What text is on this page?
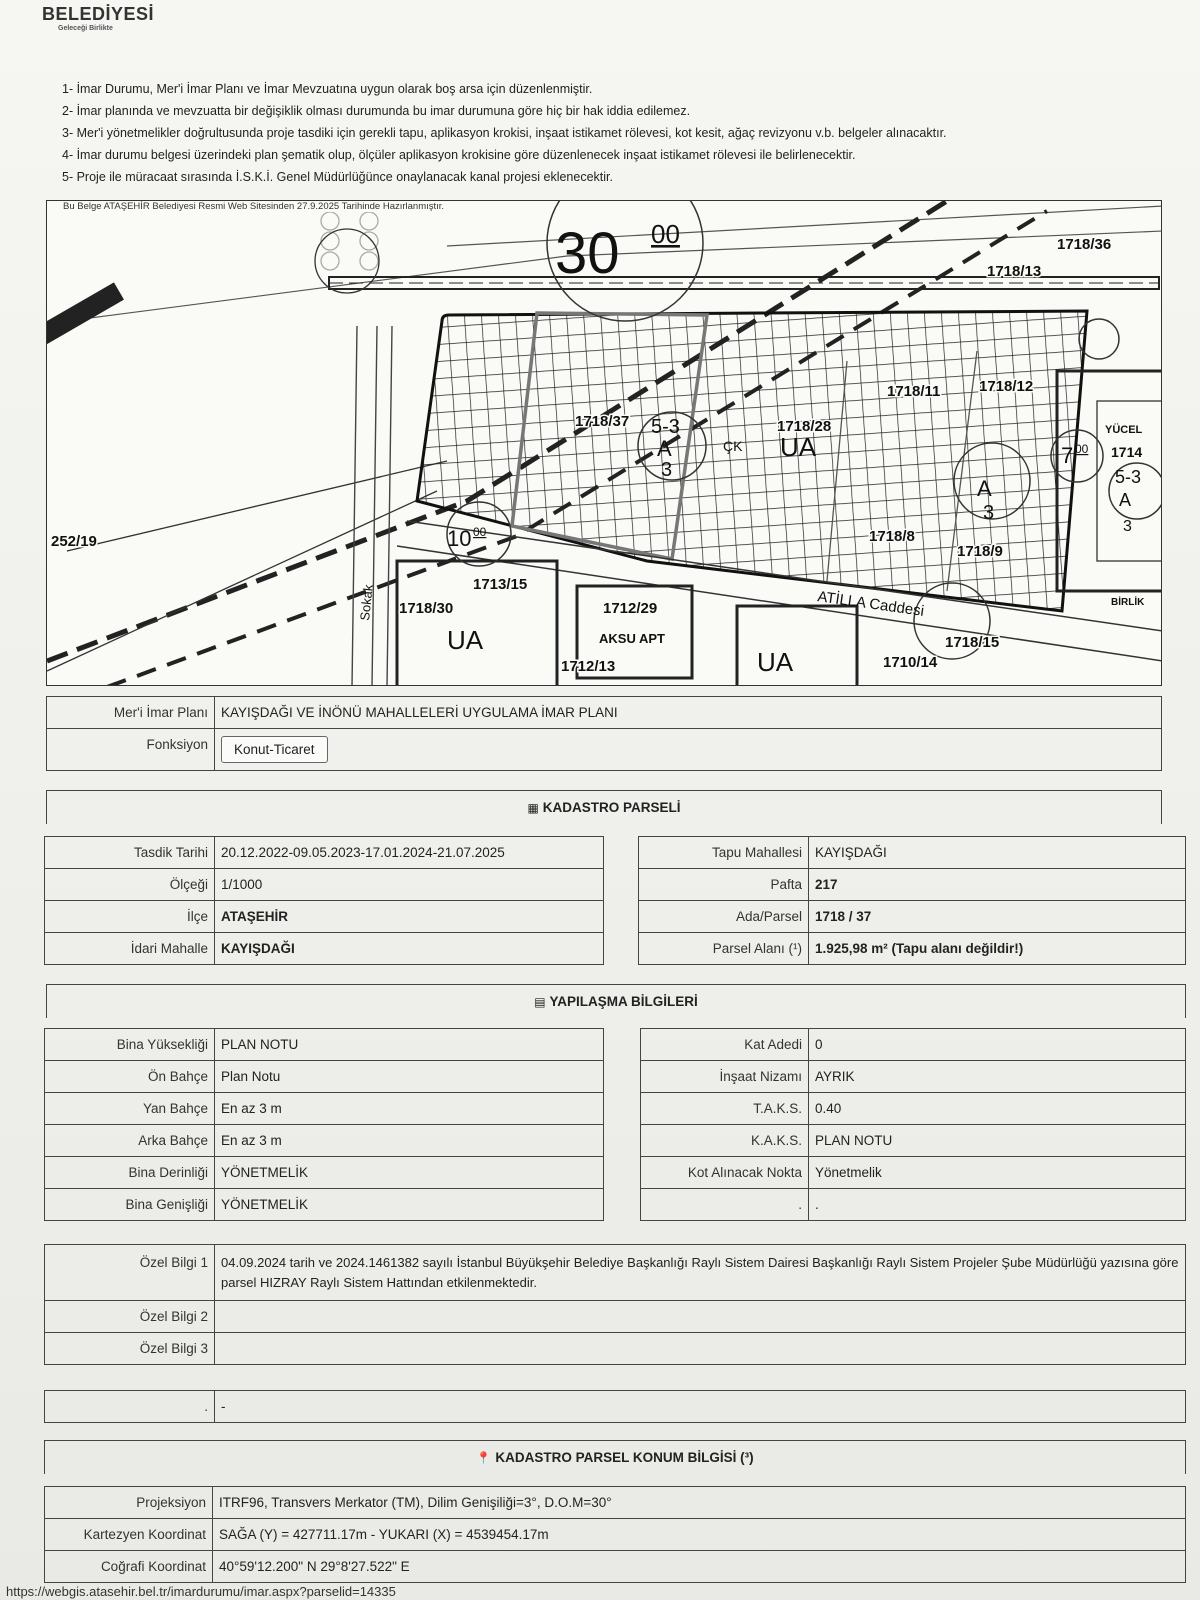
BELEDİYESİ
Geleceği Birlikte
1- İmar Durumu, Mer'i İmar Planı ve İmar Mevzuatına uygun olarak boş arsa için düzenlenmiştir.
2- İmar planında ve mevzuatta bir değişiklik olması durumunda bu imar durumuna göre hiç bir hak iddia edilemez.
3- Mer'i yönetmelikler doğrultusunda proje tasdiki için gerekli tapu, aplikasyon krokisi, inşaat istikamet rölevesi, kot kesit, ağaç revizyonu v.b. belgeler alınacaktır.
4- İmar durumu belgesi üzerindeki plan şematik olup, ölçüler aplikasyon krokisine göre düzenlenecek inşaat istikamet rölevesi ile belirlenecektir.
5- Proje ile müracaat sırasında İ.S.K.İ. Genel Müdürlüğünce onaylanacak kanal projesi eklenecektir.
Bu Belge ATAŞEHİR Belediyesi Resmi Web Sitesinden 27.9.2025 Tarihinde Hazırlanmıştır.
30 00
10 00
7 00
1718/37
1718/11	1718/12
1718/13
1718/8
1718/9
1713/15
1712/29
1712/13	1710/14
1718/15
252/19
1718/30
1718/36
1718/28
UA
UA
UA
5-3
A
3
A
3
AKSU APT
ATİLLA Caddesi
Sokak
ÇK
YÜCEL
1714
5-3
A
3
BİRLİK
Mer'i İmar Planı	KAYIŞDAĞI VE İNÖNÜ MAHALLELERİ UYGULAMA İMAR PLANI
Fonksiyon	Konut-Ticaret
▦ KADASTRO PARSELİ
Tasdik Tarihi	20.12.2022-09.05.2023-17.01.2024-21.07.2025
Ölçeği	1/1000
İlçe	ATAŞEHİR
İdari Mahalle	KAYIŞDAĞI
Tapu Mahallesi	KAYIŞDAĞI
Pafta	217
Ada/Parsel	1718 / 37
Parsel Alanı (¹)	1.925,98 m² (Tapu alanı değildir!)
▤ YAPILAŞMA BİLGİLERİ
Bina Yüksekliği	PLAN NOTU
Ön Bahçe	Plan Notu
Yan Bahçe	En az 3 m
Arka Bahçe	En az 3 m
Bina Derinliği	YÖNETMELİK
Bina Genişliği	YÖNETMELİK
Kat Adedi	0
İnşaat Nizamı	AYRIK
T.A.K.S.	0.40
K.A.K.S.	PLAN NOTU
Kot Alınacak Nokta	Yönetmelik
.	.
Özel Bilgi 1	04.09.2024 tarih ve 2024.1461382 sayılı İstanbul Büyükşehir Belediye Başkanlığı Raylı Sistem Dairesi Başkanlığı Raylı Sistem Projeler Şube Müdürlüğü yazısına göre parsel HIZRAY Raylı Sistem Hattından etkilenmektedir.
Özel Bilgi 2	
Özel Bilgi 3	
.	-
📍 KADASTRO PARSEL KONUM BİLGİSİ (³)
Projeksiyon	ITRF96, Transvers Merkator (TM), Dilim Genişiliği=3°, D.O.M=30°
Kartezyen Koordinat	SAĞA (Y) = 427711.17m - YUKARI (X) = 4539454.17m
Coğrafi Koordinat	40°59'12.200" N 29°8'27.522" E
https://webgis.atasehir.bel.tr/imardurumu/imar.aspx?parselid=14335
